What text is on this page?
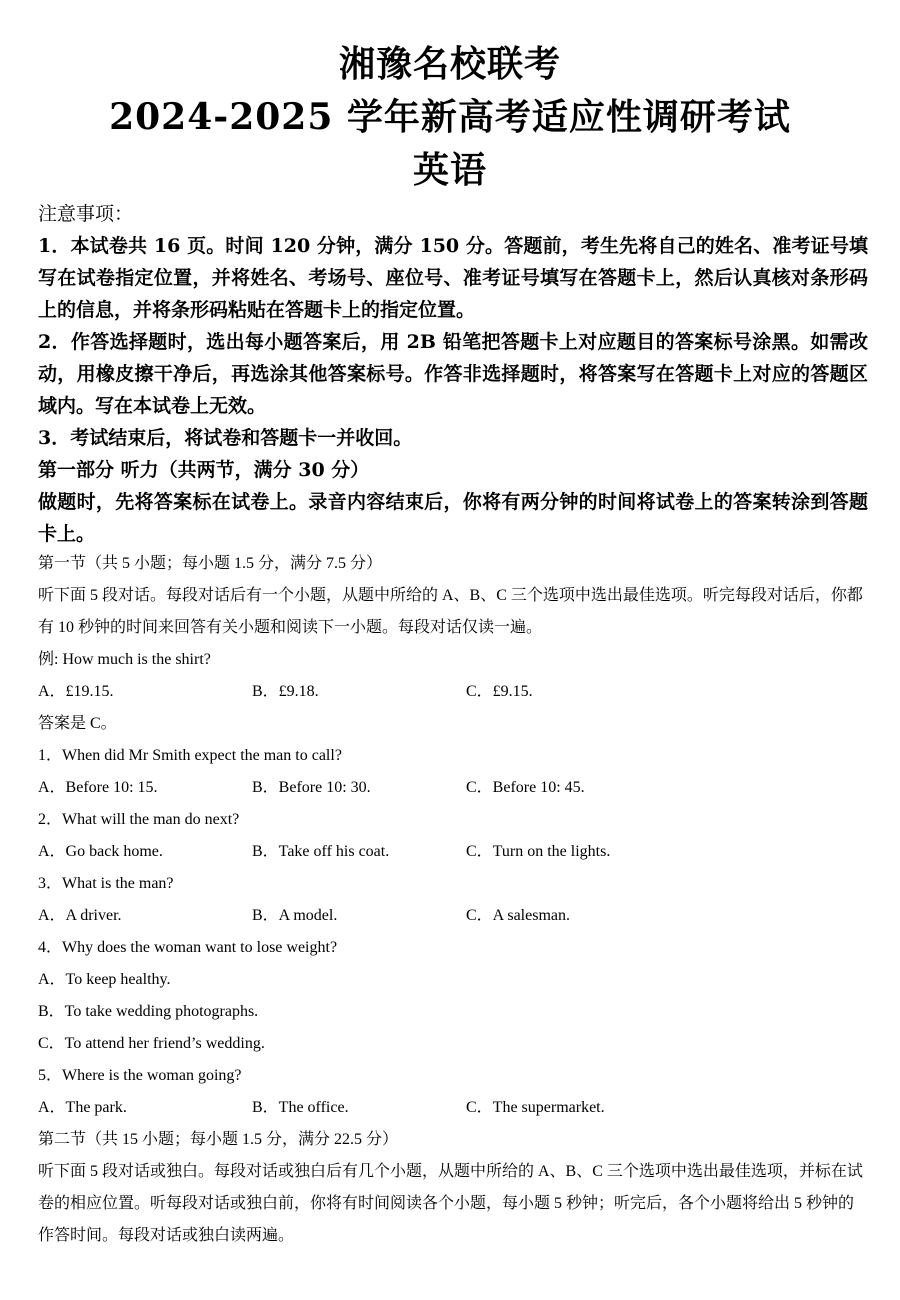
湘豫名校联考
2024-2025 学年新高考适应性调研考试
英语

注意事项：

1．本试卷共 16 页。时间 120 分钟，满分 150 分。答题前，考生先将自己的姓名、准考证号填写在试卷指定位置，并将姓名、考场号、座位号、准考证号填写在答题卡上，然后认真核对条形码上的信息，并将条形码粘贴在答题卡上的指定位置。

2．作答选择题时，选出每小题答案后，用 2B 铅笔把答题卡上对应题目的答案标号涂黑。如需改动，用橡皮擦干净后，再选涂其他答案标号。作答非选择题时，将答案写在答题卡上对应的答题区域内。写在本试卷上无效。

3．考试结束后，将试卷和答题卡一并收回。

第一部分 听力（共两节，满分 30 分）

做题时，先将答案标在试卷上。录音内容结束后，你将有两分钟的时间将试卷上的答案转涂到答题卡上。

第一节（共 5 小题；每小题 1.5 分，满分 7.5 分）

听下面 5 段对话。每段对话后有一个小题，从题中所给的 A、B、C 三个选项中选出最佳选项。听完每段对话后，你都有 10 秒钟的时间来回答有关小题和阅读下一小题。每段对话仅读一遍。

例: How much is the shirt?

A．£19.15.	B．£9.18.	C．£9.15.

答案是 C。

1．When did Mr Smith expect the man to call?

A．Before 10: 15.	B．Before 10: 30.	C．Before 10: 45.

2．What will the man do next?

A．Go back home.	B．Take off his coat.	C．Turn on the lights.

3．What is the man?

A．A driver.	B．A model.	C．A salesman.

4．Why does the woman want to lose weight?

A．To keep healthy.

B．To take wedding photographs.

C．To attend her friend’s wedding.

5．Where is the woman going?

A．The park.	B．The office.	C．The supermarket.

第二节（共 15 小题；每小题 1.5 分，满分 22.5 分）

听下面 5 段对话或独白。每段对话或独白后有几个小题，从题中所给的 A、B、C 三个选项中选出最佳选项，并标在试卷的相应位置。听每段对话或独白前，你将有时间阅读各个小题，每小题 5 秒钟；听完后，各个小题将给出 5 秒钟的作答时间。每段对话或独白读两遍。
